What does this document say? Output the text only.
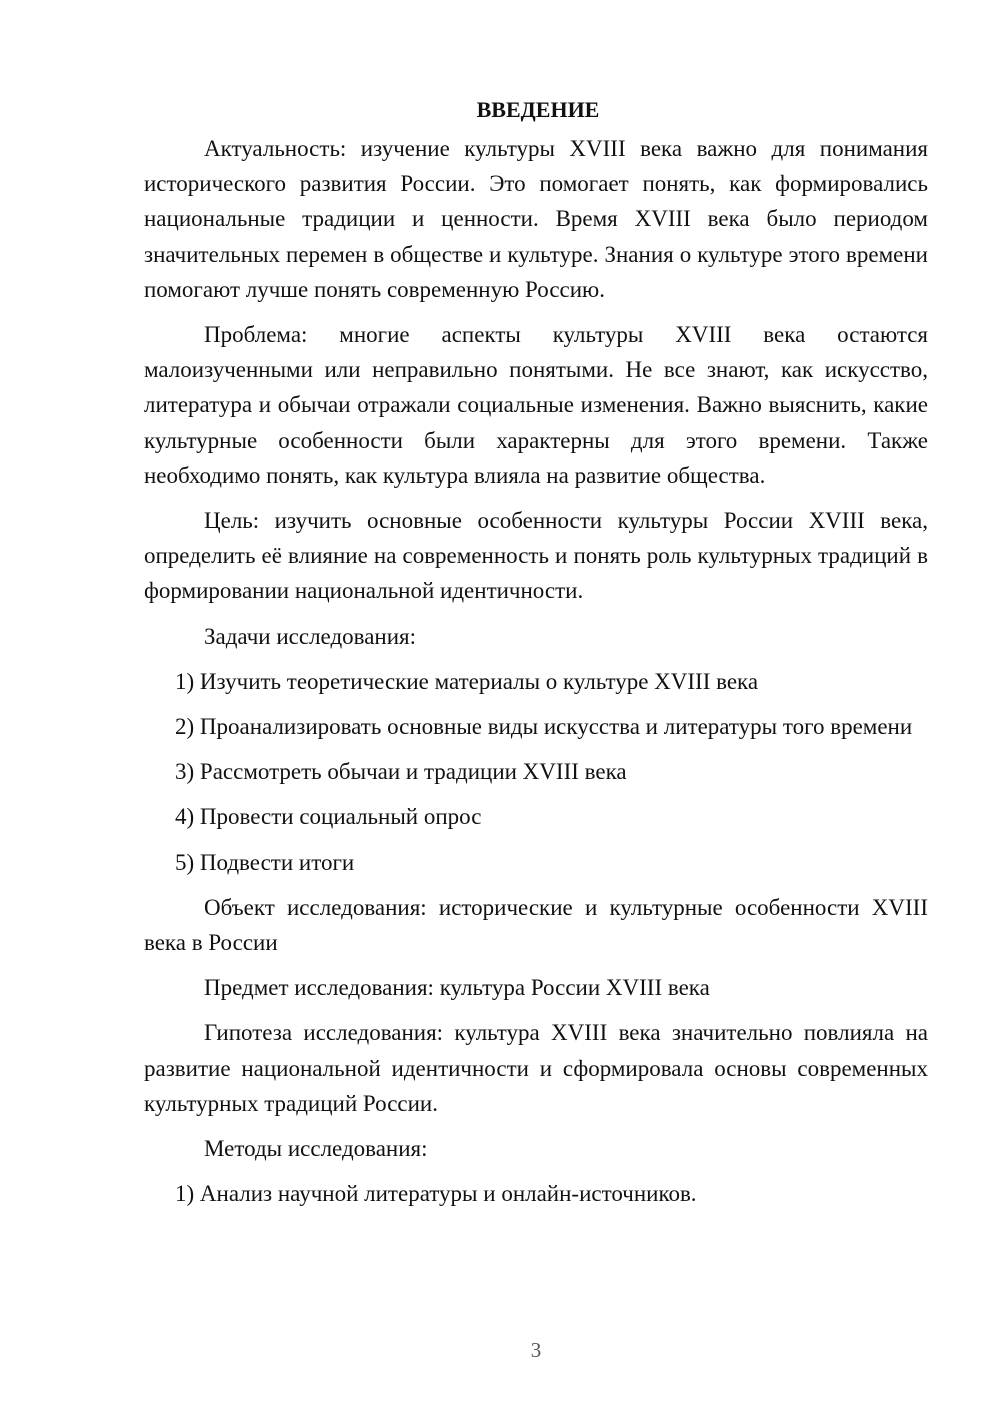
ВВЕДЕНИЕ

Актуальность: изучение культуры XVIII века важно для понимания исторического развития России. Это помогает понять, как формировались национальные традиции и ценности. Время XVIII века было периодом значительных перемен в обществе и культуре. Знания о культуре этого времени помогают лучше понять современную Россию.

Проблема: многие аспекты культуры XVIII века остаются малоизученными или неправильно понятыми. Не все знают, как искусство, литература и обычаи отражали социальные изменения. Важно выяснить, какие культурные особенности были характерны для этого времени. Также необходимо понять, как культура влияла на развитие общества.

Цель: изучить основные особенности культуры России XVIII века, определить её влияние на современность и понять роль культурных традиций в формировании национальной идентичности.

Задачи исследования:

1) Изучить теоретические материалы о культуре XVIII века

2) Проанализировать основные виды искусства и литературы того времени

3) Рассмотреть обычаи и традиции XVIII века

4) Провести социальный опрос

5) Подвести итоги

Объект исследования: исторические и культурные особенности XVIII века в России

Предмет исследования: культура России XVIII века

Гипотеза исследования: культура XVIII века значительно повлияла на развитие национальной идентичности и сформировала основы современных культурных традиций России.

Методы исследования:

1) Анализ научной литературы и онлайн-источников.

3
